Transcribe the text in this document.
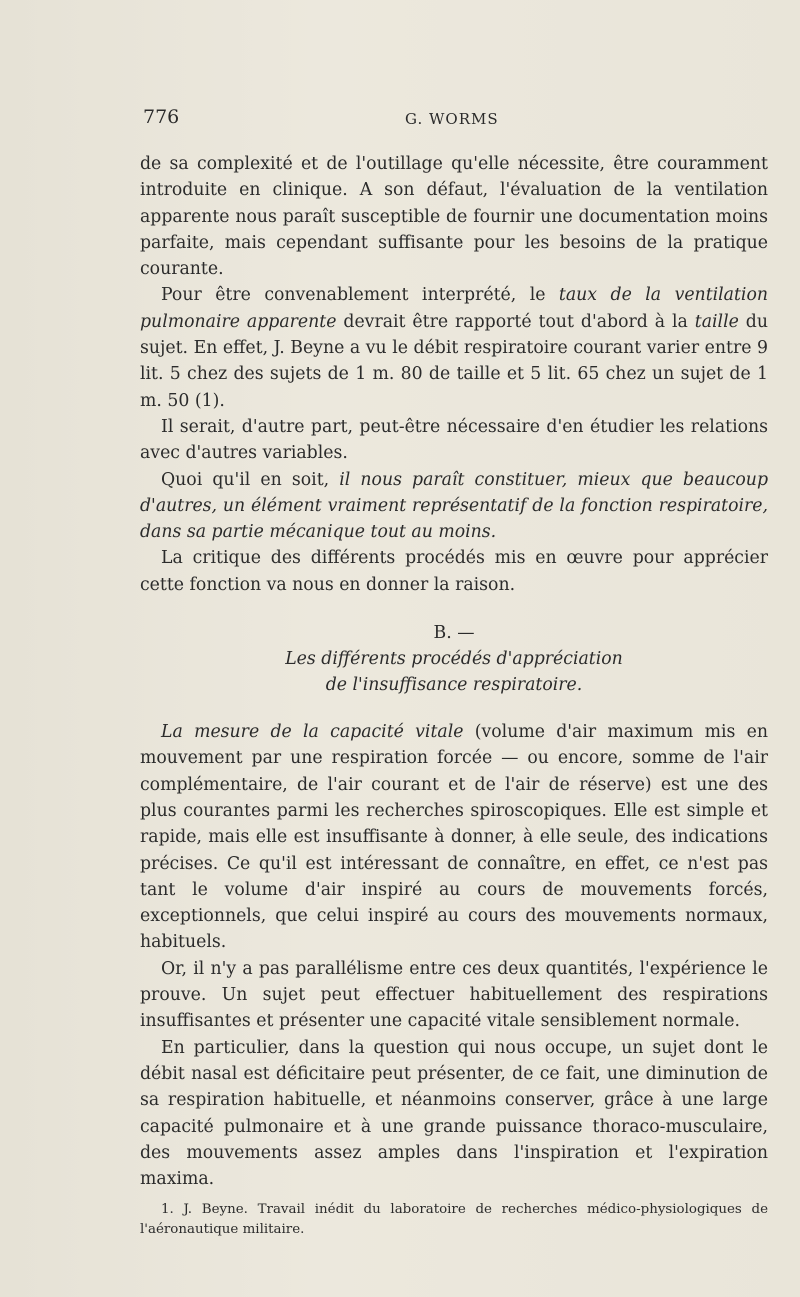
776	G. WORMS

de sa complexité et de l'outillage qu'elle nécessite, être couramment introduite en clinique. A son défaut, l'évaluation de la ventilation apparente nous paraît susceptible de fournir une documentation moins parfaite, mais cependant suffisante pour les besoins de la pratique courante.

Pour être convenablement interprété, le taux de la ventilation pulmonaire apparente devrait être rapporté tout d'abord à la taille du sujet. En effet, J. Beyne a vu le débit respiratoire courant varier entre 9 lit. 5 chez des sujets de 1 m. 80 de taille et 5 lit. 65 chez un sujet de 1 m. 50 (1).

Il serait, d'autre part, peut-être nécessaire d'en étudier les relations avec d'autres variables.

Quoi qu'il en soit, il nous paraît constituer, mieux que beaucoup d'autres, un élément vraiment représentatif de la fonction respiratoire, dans sa partie mécanique tout au moins.

La critique des différents procédés mis en œuvre pour apprécier cette fonction va nous en donner la raison.

B. —
Les différents procédés d'appréciation
de l'insuffisance respiratoire.

La mesure de la capacité vitale (volume d'air maximum mis en mouvement par une respiration forcée — ou encore, somme de l'air complémentaire, de l'air courant et de l'air de réserve) est une des plus courantes parmi les recherches spiroscopiques. Elle est simple et rapide, mais elle est insuffisante à donner, à elle seule, des indications précises. Ce qu'il est intéressant de connaître, en effet, ce n'est pas tant le volume d'air inspiré au cours de mouvements forcés, exceptionnels, que celui inspiré au cours des mouvements normaux, habituels.

Or, il n'y a pas parallélisme entre ces deux quantités, l'expérience le prouve. Un sujet peut effectuer habituellement des respirations insuffisantes et présenter une capacité vitale sensiblement normale.

En particulier, dans la question qui nous occupe, un sujet dont le débit nasal est déficitaire peut présenter, de ce fait, une diminution de sa respiration habituelle, et néanmoins conserver, grâce à une large capacité pulmonaire et à une grande puissance thoraco-musculaire, des mouvements assez amples dans l'inspiration et l'expiration maxima.

1. J. Beyne. Travail inédit du laboratoire de recherches médico-physiologiques de l'aéronautique militaire.
